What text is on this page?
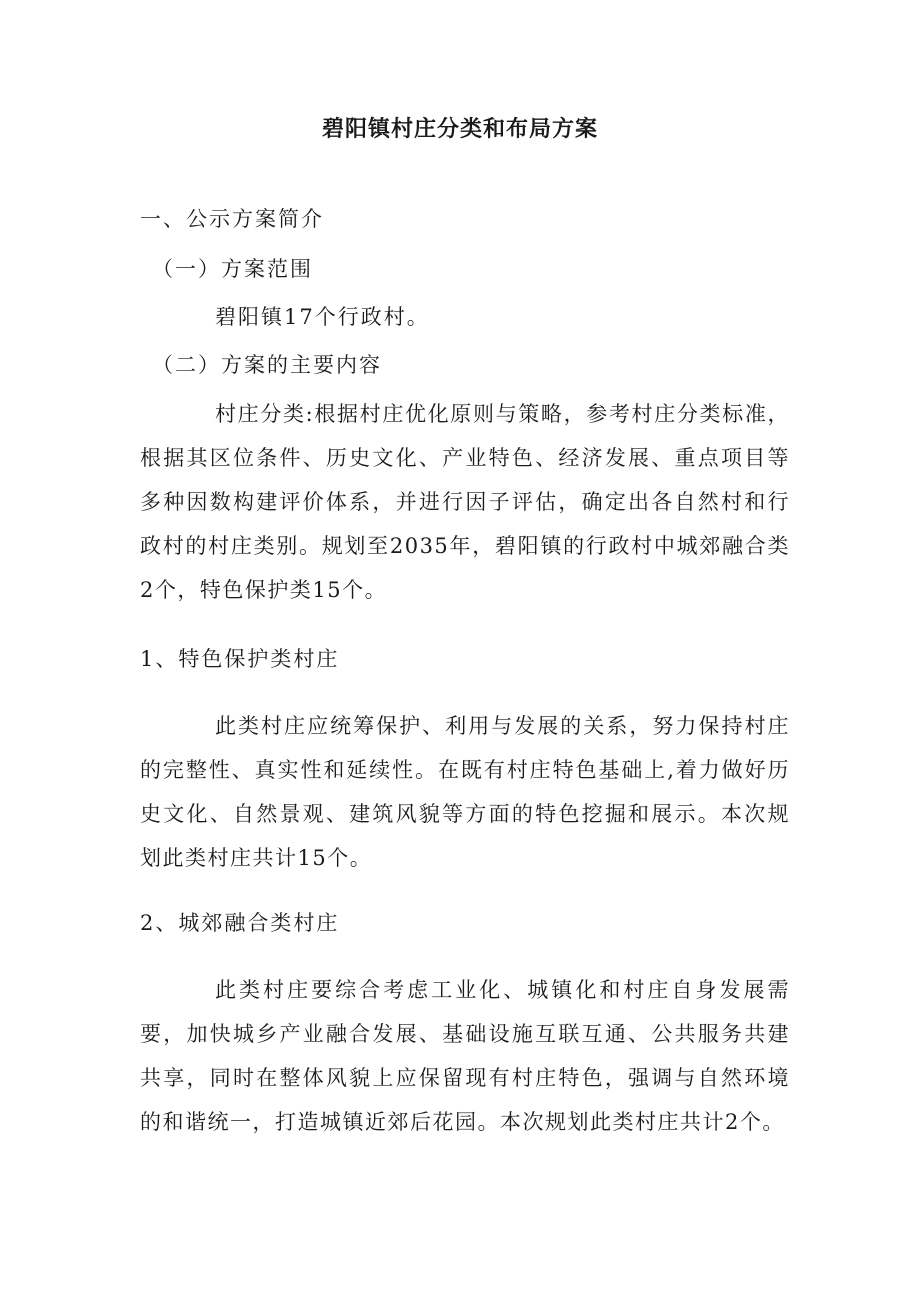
碧阳镇村庄分类和布局方案

一、公示方案简介

（一）方案范围

碧阳镇17个行政村。

（二）方案的主要内容

村庄分类:根据村庄优化原则与策略，参考村庄分类标准，根据其区位条件、历史文化、产业特色、经济发展、重点项目等多种因数构建评价体系，并进行因子评估，确定出各自然村和行政村的村庄类别。规划至2035年，碧阳镇的行政村中城郊融合类2个，特色保护类15个。

1、特色保护类村庄

此类村庄应统筹保护、利用与发展的关系，努力保持村庄的完整性、真实性和延续性。在既有村庄特色基础上,着力做好历史文化、自然景观、建筑风貌等方面的特色挖掘和展示。本次规划此类村庄共计15个。

2、城郊融合类村庄

此类村庄要综合考虑工业化、城镇化和村庄自身发展需要，加快城乡产业融合发展、基础设施互联互通、公共服务共建共享，同时在整体风貌上应保留现有村庄特色，强调与自然环境的和谐统一，打造城镇近郊后花园。本次规划此类村庄共计2个。
